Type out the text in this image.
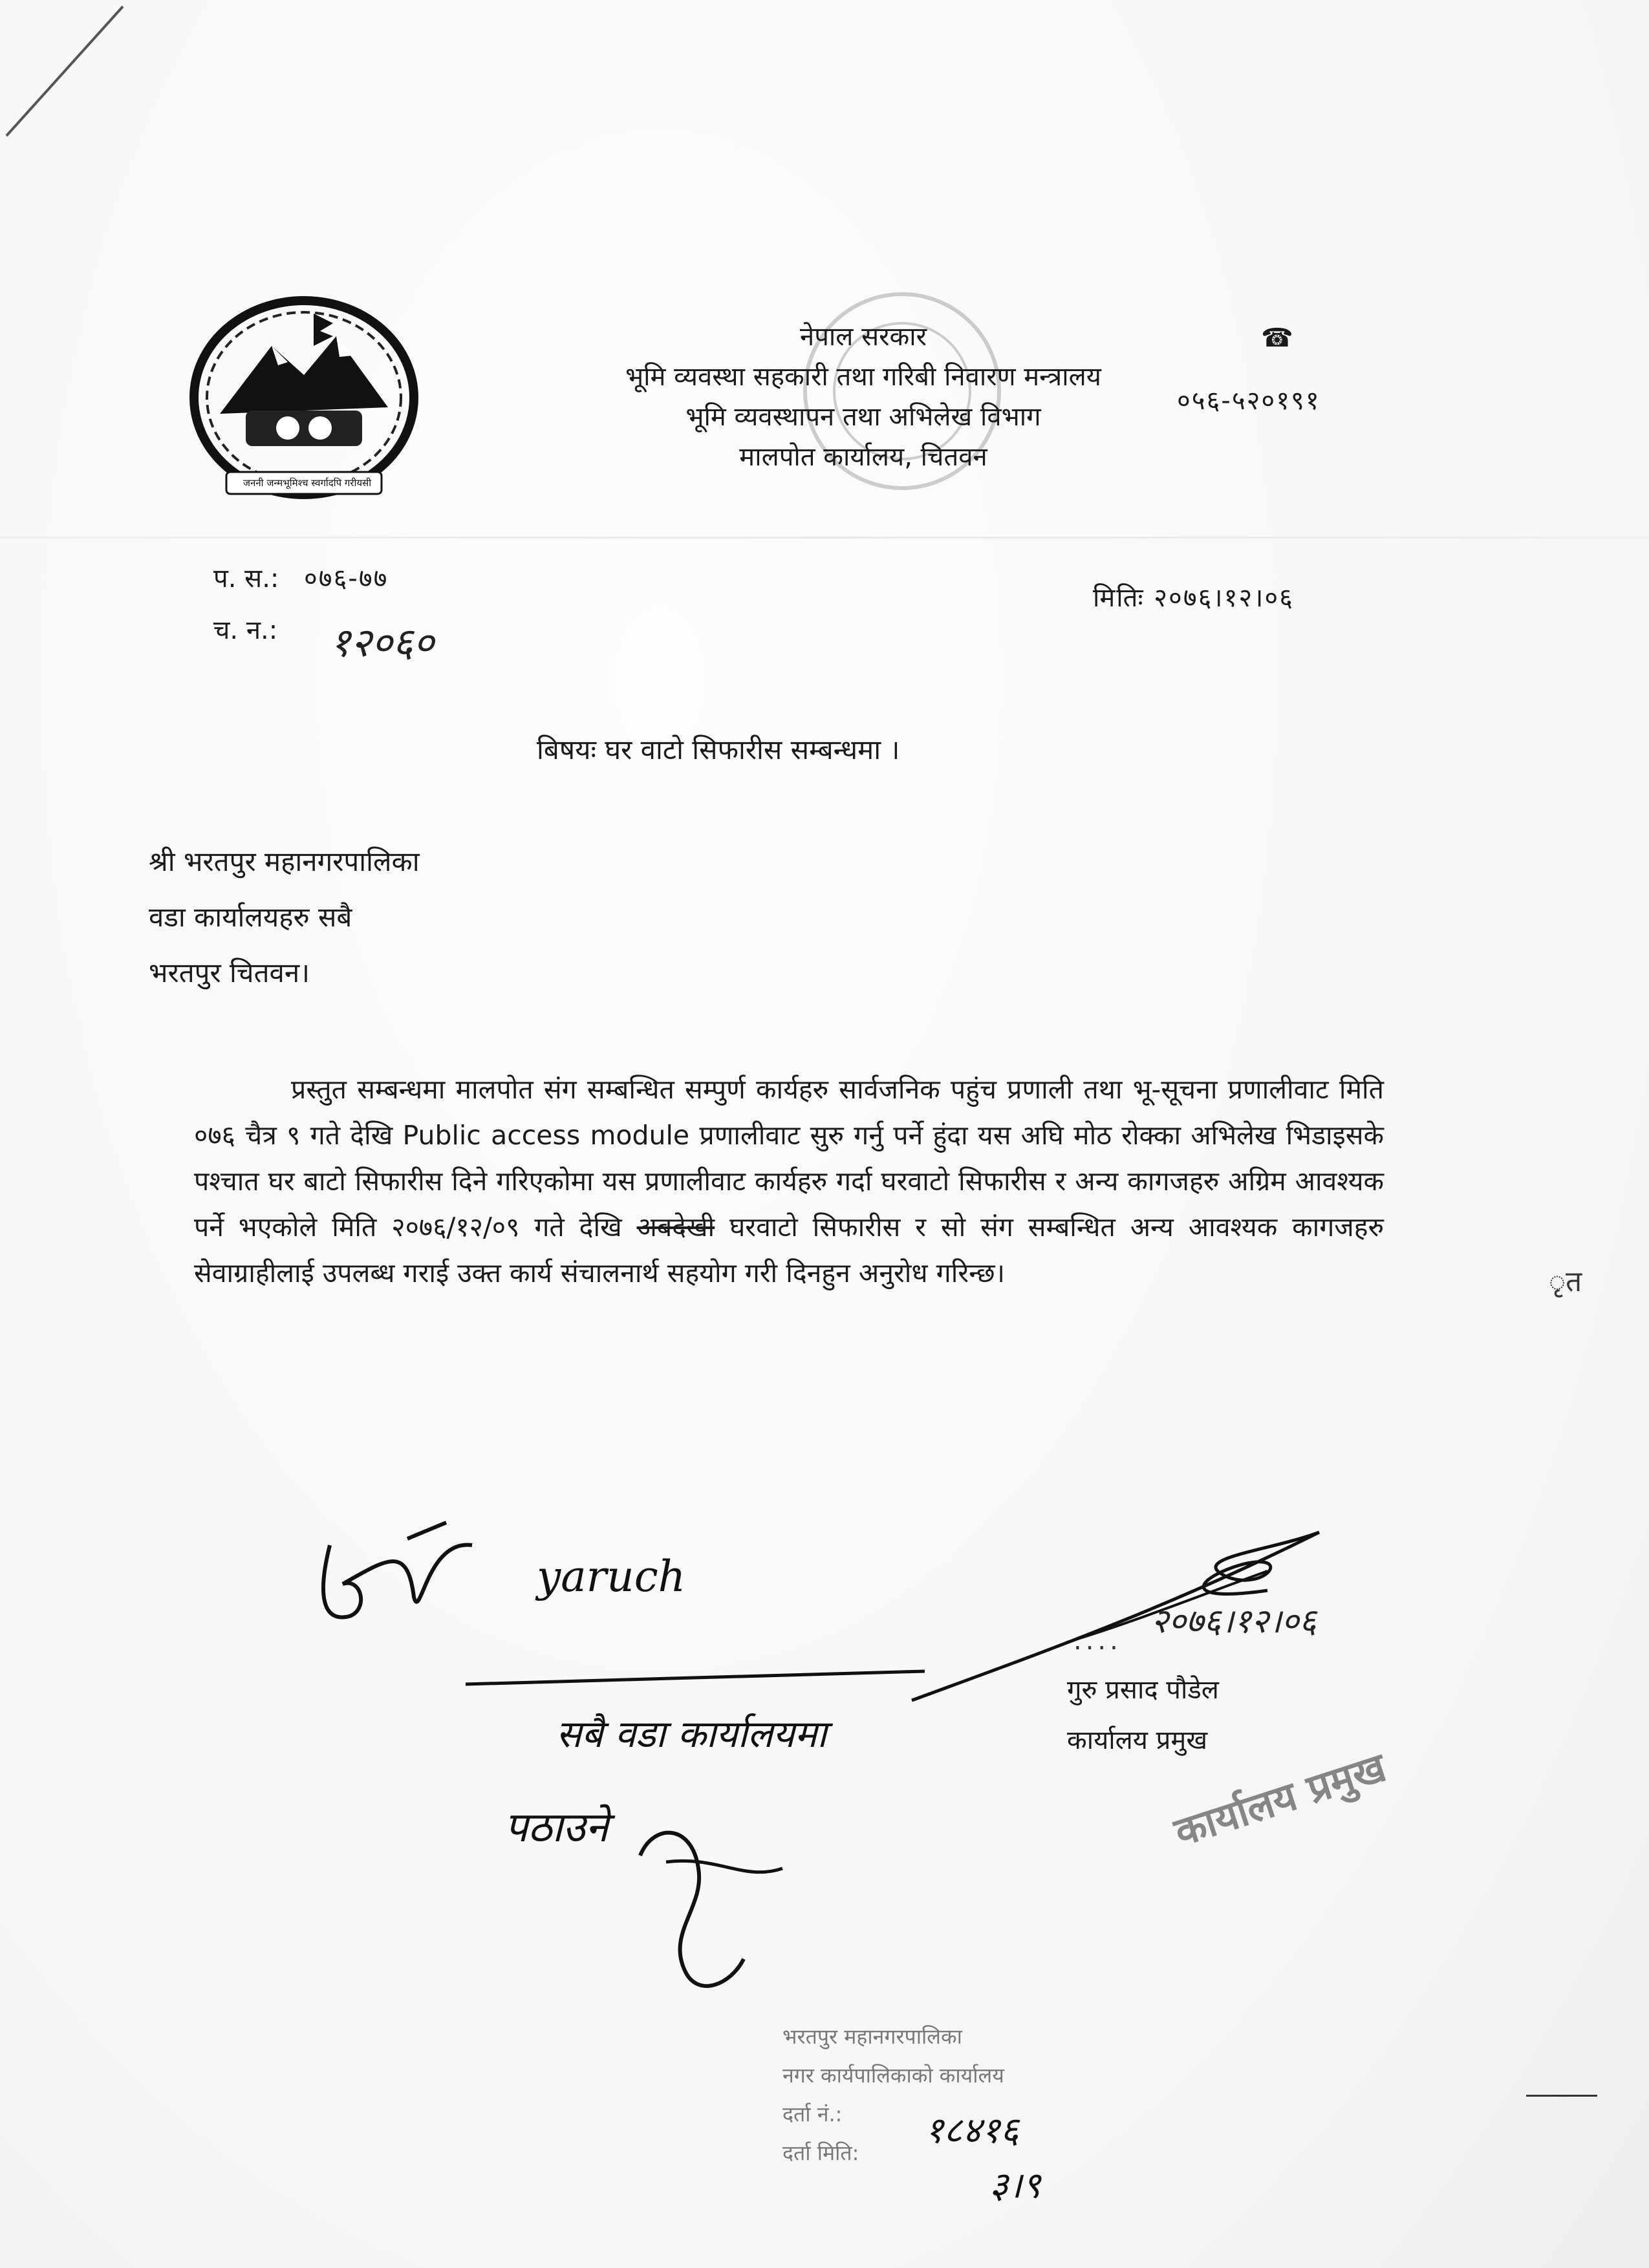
जननी जन्मभूमिश्च स्वर्गादपि गरीयसी
नेपाल सरकार
भूमि व्यवस्था सहकारी तथा गरिबी निवारण मन्त्रालय
भूमि व्यवस्थापन तथा अभिलेख विभाग
मालपोत कार्यालय, चितवन
☎
०५६-५२०१९१
प. स.: ०७६-७७
च. न.: १२०६०
मितिः २०७६।१२।०६
बिषयः घर वाटो सिफारीस सम्बन्धमा ।
श्री भरतपुर महानगरपालिका
वडा कार्यालयहरु सबै
भरतपुर चितवन।
प्रस्तुत सम्बन्धमा मालपोत संग सम्बन्धित सम्पुर्ण कार्यहरु सार्वजनिक पहुंच प्रणाली तथा भू-सूचना प्रणालीवाट मिति ०७६ चैत्र ९ गते देखि Public access module प्रणालीवाट सुरु गर्नु पर्ने हुंदा यस अघि मोठ रोक्का अभिलेख भिडाइसके पश्चात घर बाटो सिफारीस दिने गरिएकोमा यस प्रणालीवाट कार्यहरु गर्दा घरवाटो सिफारीस र अन्य कागजहरु अग्रिम आवश्यक पर्ने भएकोले मिति २०७६/१२/०९ गते देखि अबदेखी घरवाटो सिफारीस र सो संग सम्बन्धित अन्य आवश्यक कागजहरु सेवाग्राहीलाई उपलब्ध गराई उक्त कार्य संचालनार्थ सहयोग गरी दिनहुन अनुरोध गरिन्छ।
yaruch
सबै वडा कार्यालयमा
पठाउने
.... २०७६।१२।०६
गुरु प्रसाद पौडेल
कार्यालय प्रमुख
कार्यालय प्रमुख
भरतपुर महानगरपालिका
नगर कार्यपालिकाको कार्यालय
दर्ता नं.:
दर्ता मिति:
१८४१६
३।९
ृत
